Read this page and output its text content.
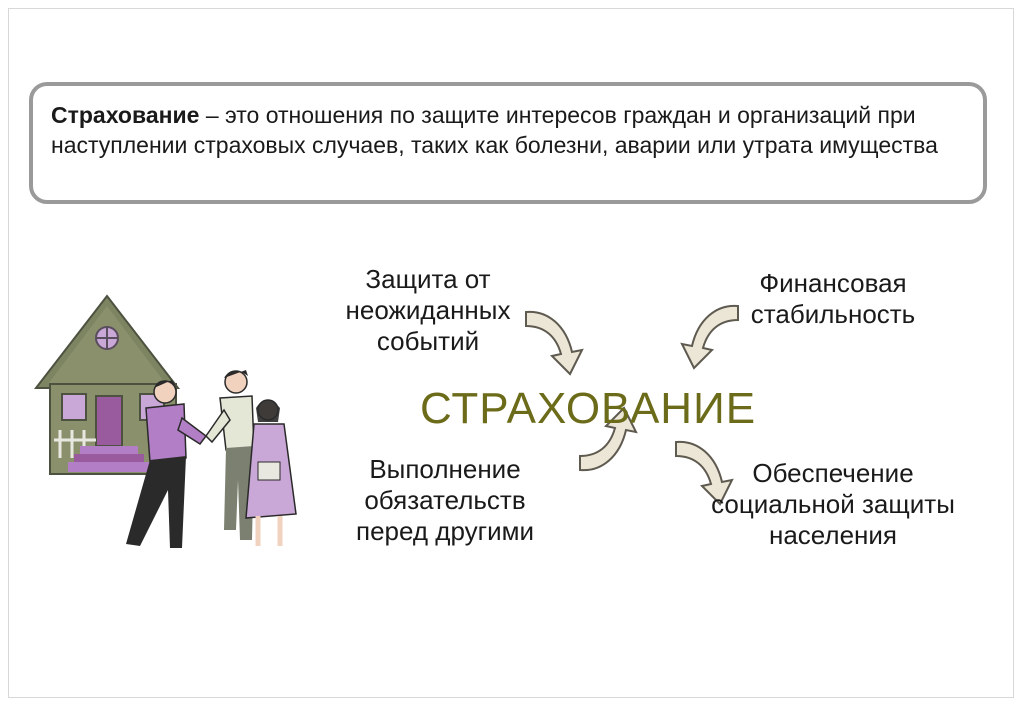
Страхование – это отношения по защите интересов граждан и организаций при наступлении страховых случаев, таких как болезни, аварии или утрата имущества
Защита от
неожиданных
событий
Финансовая
стабильность
Выполнение
обязательств
перед другими
Обеспечение
социальной защиты
населения
СТРАХОВАНИЕ
